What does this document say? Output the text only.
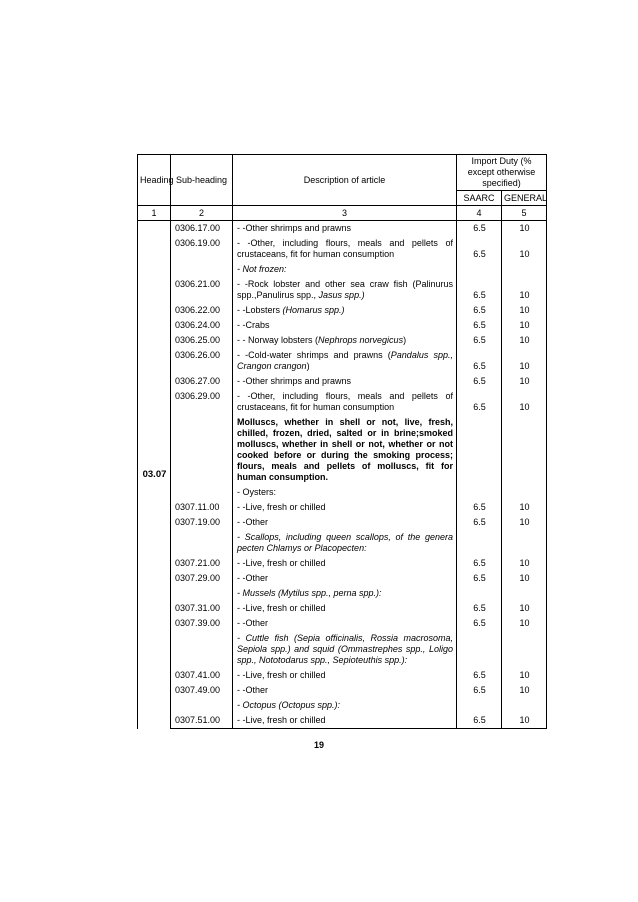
Heading	Sub-heading	Description of article	Import Duty (% except otherwise specified)	
			SAARC	GENERAL
1	2	3	4	5
03.07	0306.17.00	- -Other shrimps and prawns	6.5	10
	0306.19.00	- -Other, including flours, meals and pellets of crustaceans, fit for human consumption	6.5	10
		- Not frozen:		
	0306.21.00	- -Rock lobster and other sea craw fish (Palinurus spp.,Panulirus spp., Jasus spp.)	6.5	10
	0306.22.00	- -Lobsters (Homarus spp.)	6.5	10
	0306.24.00	- -Crabs	6.5	10
	0306.25.00	- - Norway lobsters (Nephrops norvegicus)	6.5	10
	0306.26.00	- -Cold-water shrimps and prawns (Pandalus spp., Crangon crangon)	6.5	10
	0306.27.00	- -Other shrimps and prawns	6.5	10
	0306.29.00	- -Other, including flours, meals and pellets of crustaceans, fit for human consumption	6.5	10
		Molluscs, whether in shell or not, live, fresh, chilled, frozen, dried, salted or in brine;smoked molluscs, whether in shell or not, whether or not cooked before or during the smoking process; flours, meals and pellets of molluscs, fit for human consumption.		
		- Oysters:		
	0307.11.00	- -Live, fresh or chilled	6.5	10
	0307.19.00	- -Other	6.5	10
		- Scallops, including queen scallops, of the genera pecten Chlamys or Placopecten:		
	0307.21.00	- -Live, fresh or chilled	6.5	10
	0307.29.00	- -Other	6.5	10
		- Mussels (Mytilus spp., perna spp.):		
	0307.31.00	- -Live, fresh or chilled	6.5	10
	0307.39.00	- -Other	6.5	10
		- Cuttle fish (Sepia officinalis, Rossia macrosoma, Sepiola spp.) and squid (Ommastrephes spp., Loligo spp., Nototodarus spp., Sepioteuthis spp.):		
	0307.41.00	- -Live, fresh or chilled	6.5	10
	0307.49.00	- -Other	6.5	10
		- Octopus (Octopus spp.):		
	0307.51.00	- -Live, fresh or chilled	6.5	10
19
